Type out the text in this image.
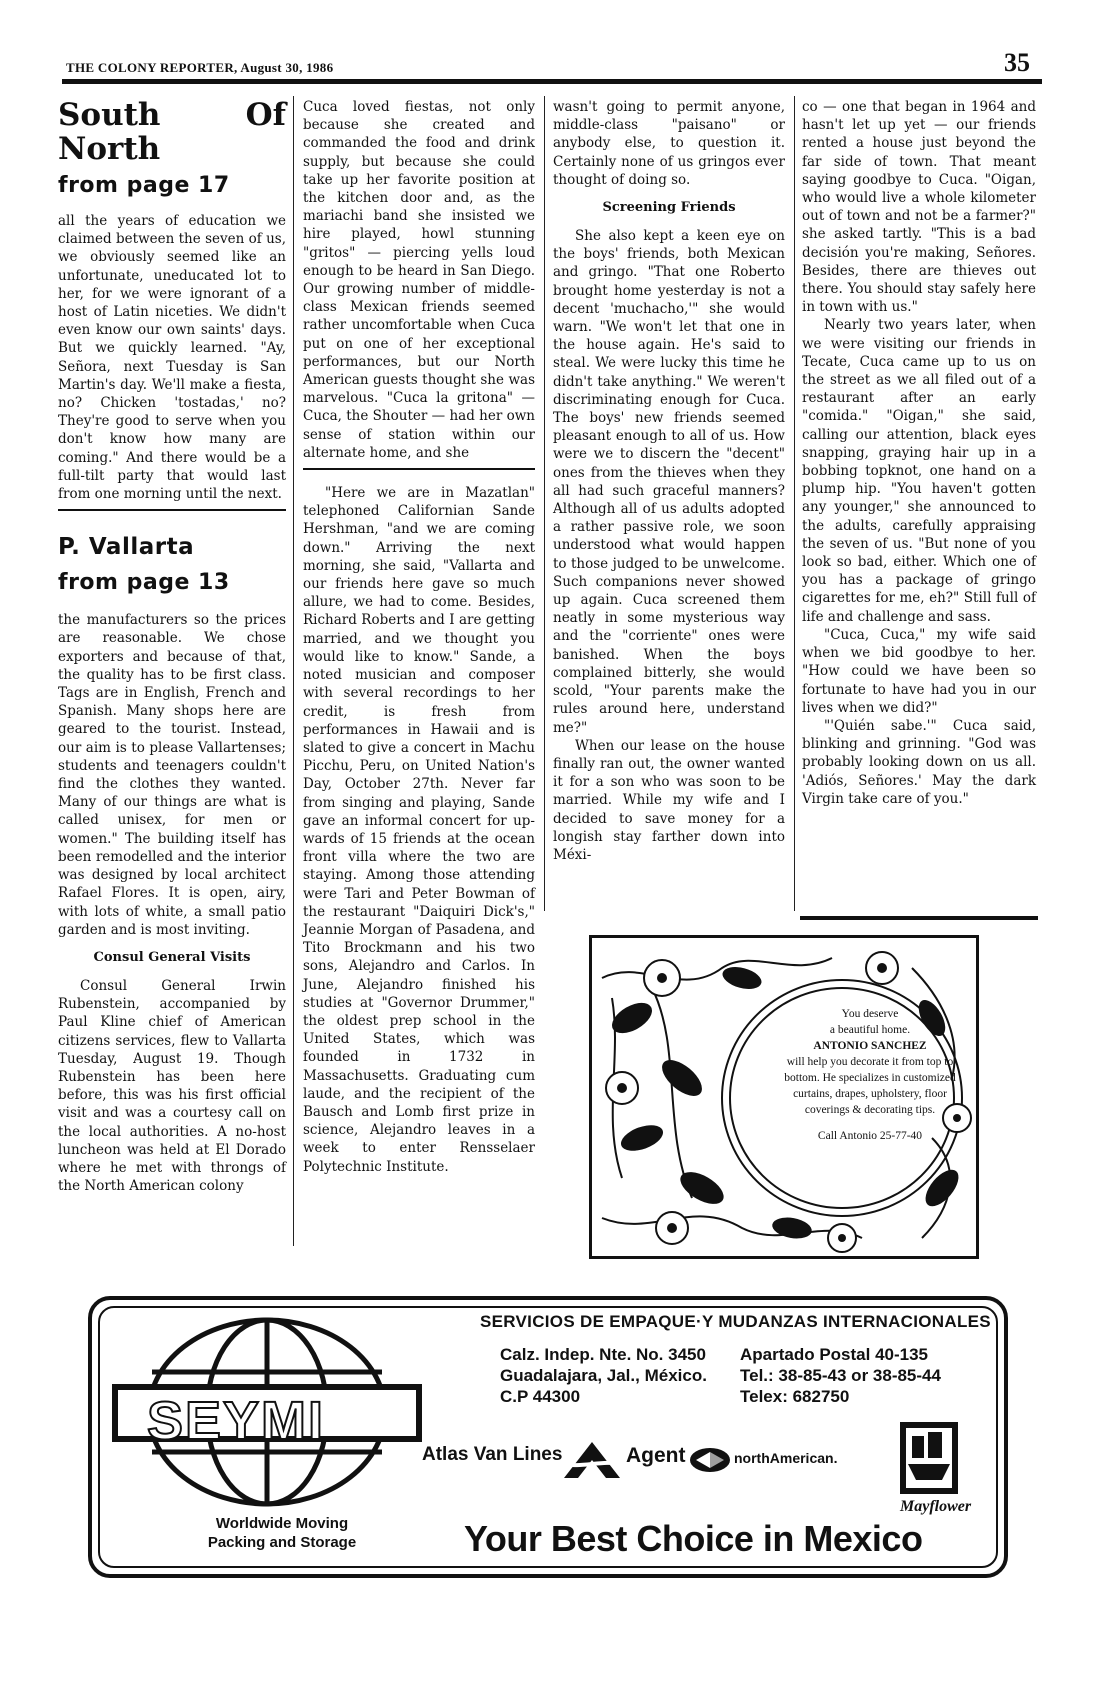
THE COLONY REPORTER, August 30, 1986	35
South Of North
from page 17

all the years of education we claimed between the seven of us, we obviously seemed like an unfortunate, uneducated lot to her, for we were ignorant of a host of Latin niceties. We didn't even know our own saints' days. But we quickly learned. "Ay, Señora, next Tuesday is San Martin's day. We'll make a fiesta, no? Chicken 'tostadas,' no? They're good to serve when you don't know how many are coming." And there would be a full-tilt party that would last from one morning until the next.

P. Vallarta
from page 13

the manufacturers so the prices are reasonable. We chose exporters and because of that, the quality has to be first class. Tags are in English, French and Spanish. Many shops here are geared to the tourist. Instead, our aim is to please Vallartenses; students and teenagers couldn't find the clothes they wanted. Many of our things are what is called unisex, for men or women." The building itself has been remodelled and the interior was designed by local architect Rafael Flores. It is open, airy, with lots of white, a small patio garden and is most inviting.

Consul General Visits

Consul General Irwin Rubenstein, accompanied by Paul Kline chief of American citizens services, flew to Vallarta Tuesday, August 19. Though Rubenstein has been here before, this was his first official visit and was a courtesy call on the local authorities. A no-host luncheon was held at El Dorado where he met with throngs of the North American colony

Cuca loved fiestas, not only because she created and commanded the food and drink supply, but because she could take up her favorite position at the kitchen door and, as the mariachi band she insisted we hire played, howl stunning "gritos" — piercing yells loud enough to be heard in San Diego. Our growing number of middle-class Mexican friends seemed rather uncomfortable when Cuca put on one of her exceptional performances, but our North American guests thought she was marvelous. "Cuca la gritona" — Cuca, the Shouter — had her own sense of station within our alternate home, and she

"Here we are in Mazatlan" telephoned Californian Sande Hershman, "and we are coming down." Arriving the next morning, she said, "Vallarta and our friends here gave so much allure, we had to come. Besides, Richard Roberts and I are getting married, and we thought you would like to know." Sande, a noted musician and composer with several recordings to her credit, is fresh from performances in Hawaii and is slated to give a concert in Machu Picchu, Peru, on United Nation's Day, October 27th. Never far from singing and playing, Sande gave an informal concert for up-wards of 15 friends at the ocean front villa where the two are staying. Among those attending were Tari and Peter Bowman of the restaurant "Daiquiri Dick's," Jeannie Morgan of Pasadena, and Tito Brockmann and his two sons, Alejandro and Carlos. In June, Alejandro finished his studies at "Governor Drummer," the oldest prep school in the United States, which was founded in 1732 in Massachusetts. Graduating cum laude, and the recipient of the Bausch and Lomb first prize in science, Alejandro leaves in a week to enter Rensselaer Polytechnic Institute.

wasn't going to permit anyone, middle-class "paisano" or anybody else, to question it. Certainly none of us gringos ever thought of doing so.

Screening Friends

She also kept a keen eye on the boys' friends, both Mexican and gringo. "That one Roberto brought home yesterday is not a decent 'muchacho,'" she would warn. "We won't let that one in the house again. He's said to steal. We were lucky this time he didn't take anything." We weren't discriminating enough for Cuca. The boys' new friends seemed pleasant enough to all of us. How were we to discern the "decent" ones from the thieves when they all had such graceful manners? Although all of us adults adopted a rather passive role, we soon understood what would happen to those judged to be unwelcome. Such companions never showed up again. Cuca screened them neatly in some mysterious way and the "corriente" ones were banished. When the boys complained bitterly, she would scold, "Your parents make the rules around here, understand me?"

When our lease on the house finally ran out, the owner wanted it for a son who was soon to be married. While my wife and I decided to save money for a longish stay farther down into Méxi-

co — one that began in 1964 and hasn't let up yet — our friends rented a house just beyond the far side of town. That meant saying goodbye to Cuca. "Oigan, who would live a whole kilometer out of town and not be a farmer?" she asked tartly. "This is a bad decisión you're making, Señores. Besides, there are thieves out there. You should stay safely here in town with us."

Nearly two years later, when we were visiting our friends in Tecate, Cuca came up to us on the street as we all filed out of a restaurant after an early "comida." "Oigan," she said, calling our attention, black eyes snapping, graying hair up in a bobbing topknot, one hand on a plump hip. "You haven't gotten any younger," she announced to the adults, carefully appraising the seven of us. "But none of you look so bad, either. Which one of you has a package of gringo cigarettes for me, eh?" Still full of life and challenge and sass.

"Cuca, Cuca," my wife said when we bid goodbye to her. "How could we have been so fortunate to have had you in our lives when we did?"

"'Quién sabe.'" Cuca said, blinking and grinning. "God was probably looking down on us all. 'Adiós, Señores.' May the dark Virgin take care of you."

You deserve

a beautiful home.

ANTONIO SANCHEZ

will help you decorate it from top to bottom. He specializes in customized curtains, drapes, upholstery, floor coverings & decorating tips.

Call Antonio 25-77-40

SEYMI

Worldwide Moving

Packing and Storage

SERVICIOS DE EMPAQUE·Y MUDANZAS INTERNACIONALES

Calz. Indep. Nte. No. 3450

Guadalajara, Jal., México.

C.P 44300

Apartado Postal 40-135

Tel.: 38-85-43 or 38-85-44

Telex: 682750

Atlas Van Lines	Agent	northAmerican.
Mayflower
Your Best Choice in Mexico
